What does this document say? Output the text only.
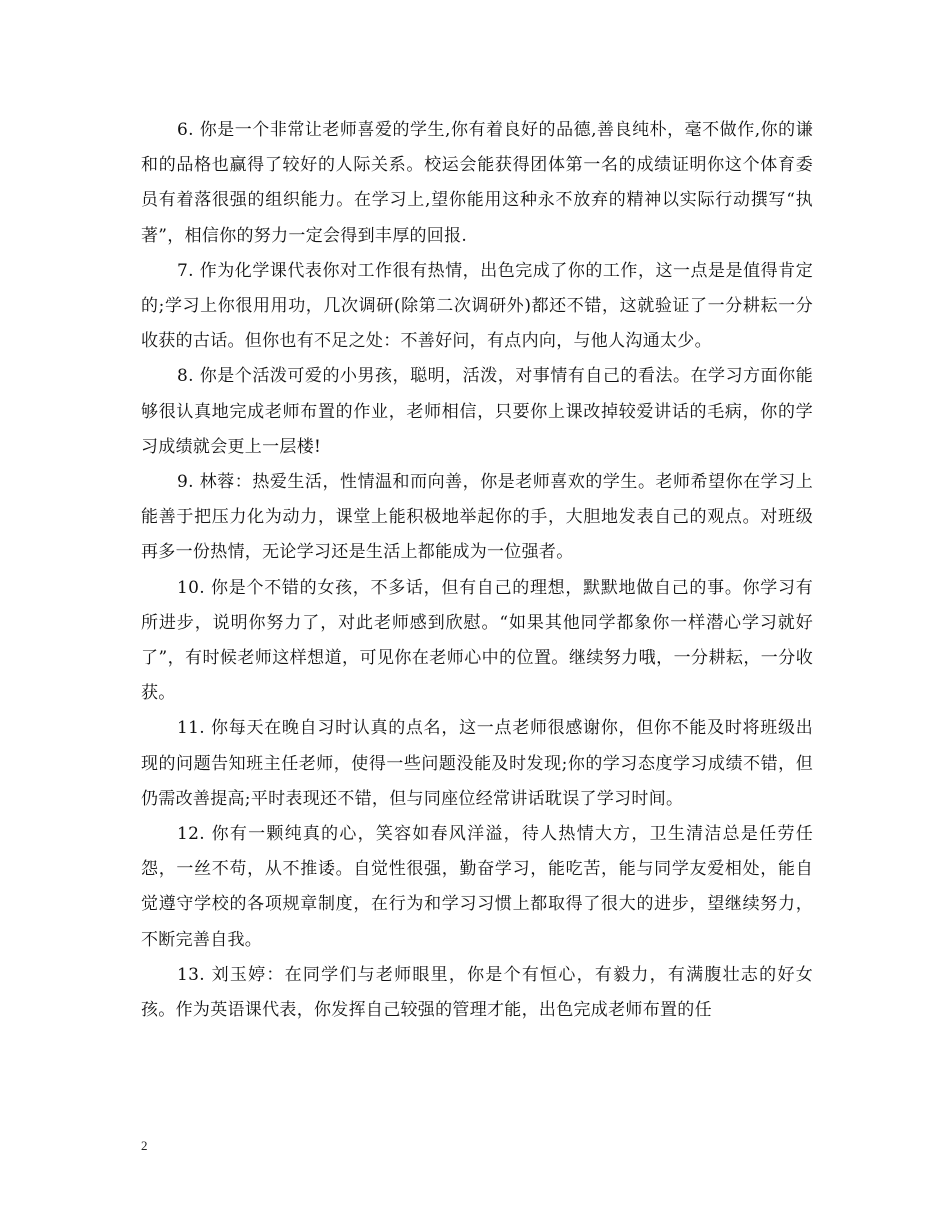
6. 你是一个非常让老师喜爱的学生,你有着良好的品德,善良纯朴，毫不做作,你的谦和的品格也赢得了较好的人际关系。校运会能获得团体第一名的成绩证明你这个体育委员有着落很强的组织能力。在学习上,望你能用这种永不放弃的精神以实际行动撰写“执著”，相信你的努力一定会得到丰厚的回报.

7. 作为化学课代表你对工作很有热情，出色完成了你的工作，这一点是是值得肯定的;学习上你很用用功，几次调研(除第二次调研外)都还不错，这就验证了一分耕耘一分收获的古话。但你也有不足之处：不善好问，有点内向，与他人沟通太少。

8. 你是个活泼可爱的小男孩，聪明，活泼，对事情有自己的看法。在学习方面你能够很认真地完成老师布置的作业，老师相信，只要你上课改掉较爱讲话的毛病，你的学习成绩就会更上一层楼!

9. 林蓉：热爱生活，性情温和而向善，你是老师喜欢的学生。老师希望你在学习上能善于把压力化为动力，课堂上能积极地举起你的手，大胆地发表自己的观点。对班级再多一份热情，无论学习还是生活上都能成为一位强者。

10. 你是个不错的女孩，不多话，但有自己的理想，默默地做自己的事。你学习有所进步，说明你努力了，对此老师感到欣慰。“如果其他同学都象你一样潜心学习就好了”，有时候老师这样想道，可见你在老师心中的位置。继续努力哦，一分耕耘，一分收获。

11. 你每天在晚自习时认真的点名，这一点老师很感谢你，但你不能及时将班级出现的问题告知班主任老师，使得一些问题没能及时发现;你的学习态度学习成绩不错，但仍需改善提高;平时表现还不错，但与同座位经常讲话耽误了学习时间。

12. 你有一颗纯真的心，笑容如春风洋溢，待人热情大方，卫生清洁总是任劳任怨，一丝不苟，从不推诿。自觉性很强，勤奋学习，能吃苦，能与同学友爱相处，能自觉遵守学校的各项规章制度，在行为和学习习惯上都取得了很大的进步，望继续努力，不断完善自我。

13. 刘玉婷：在同学们与老师眼里，你是个有恒心，有毅力，有满腹壮志的好女孩。作为英语课代表，你发挥自己较强的管理才能，出色完成老师布置的任

2
